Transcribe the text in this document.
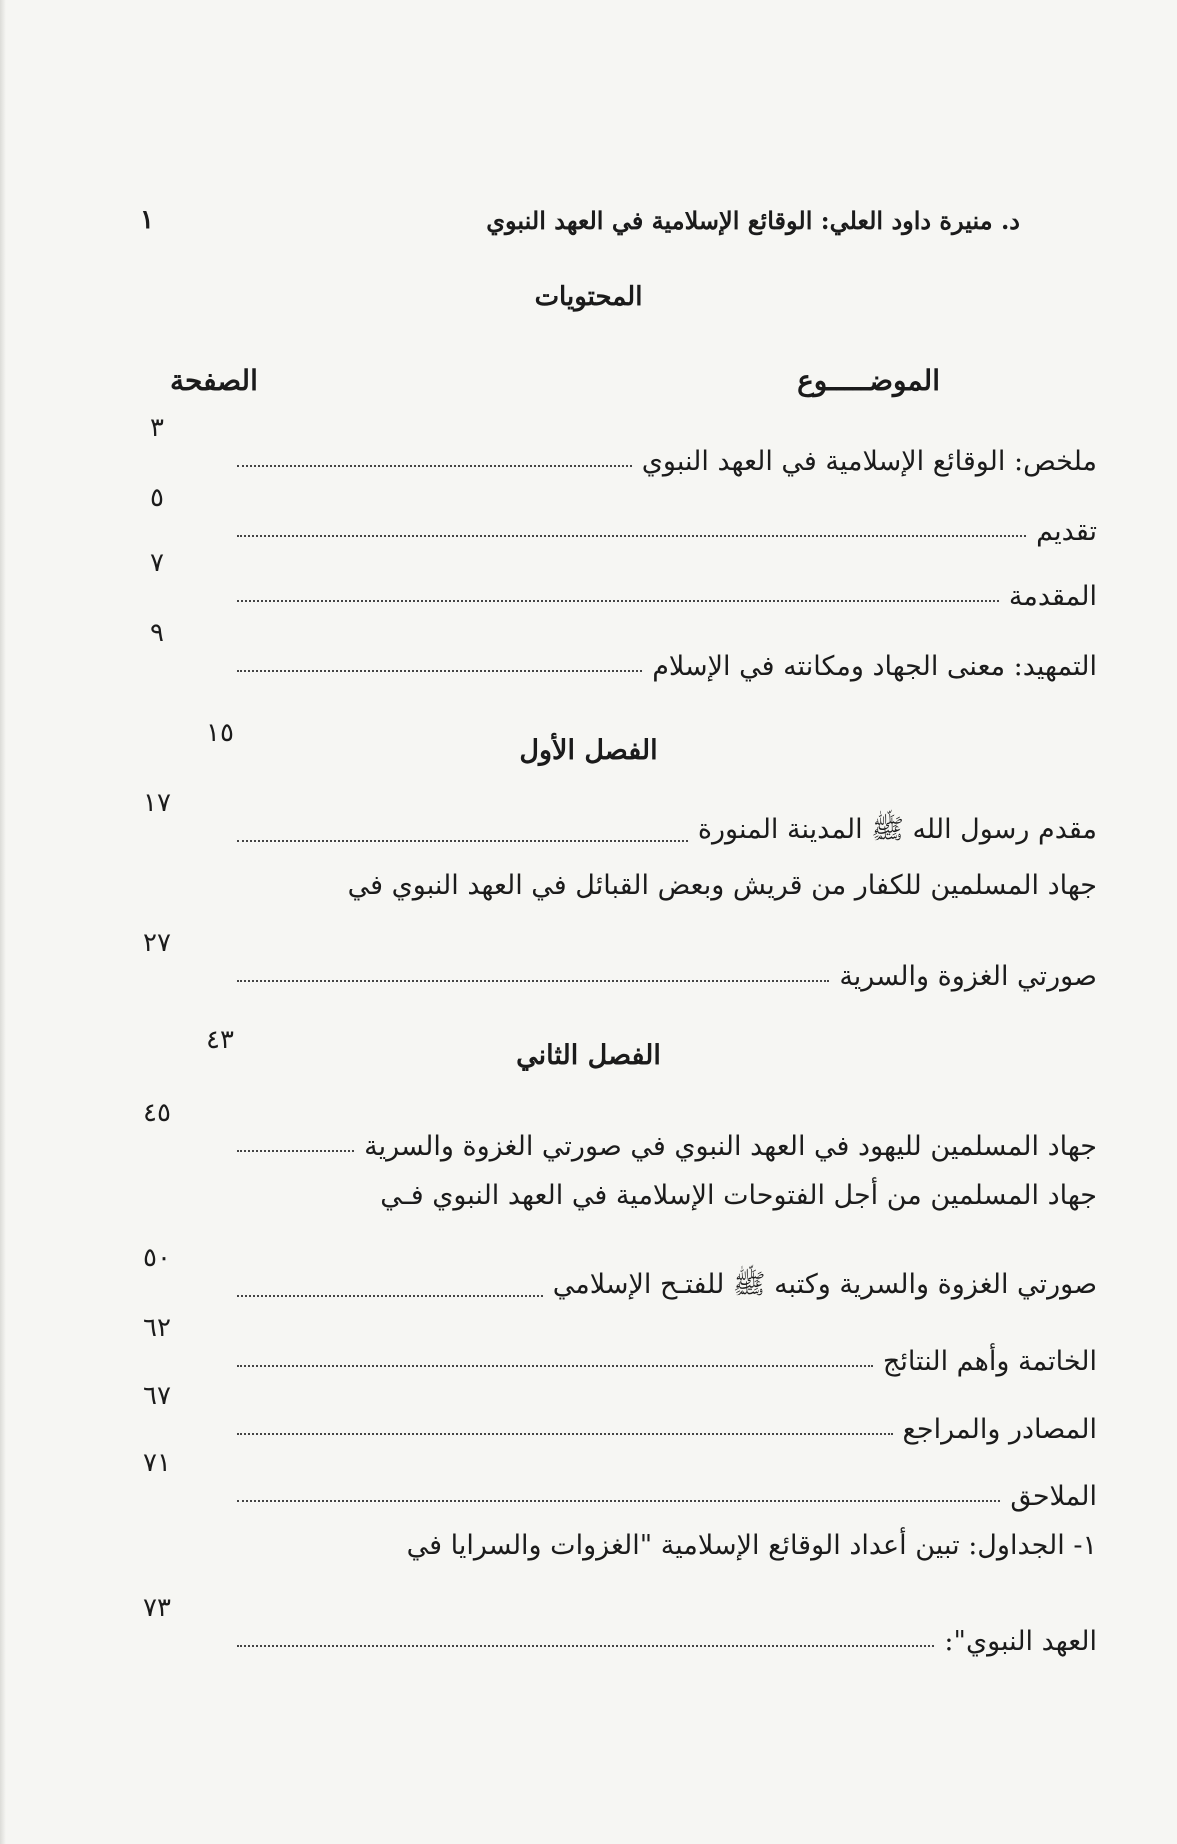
د. منيرة داود العلي: الوقائع الإسلامية في العهد النبوي
١
المحتويات
الموضـــــوع
الصفحة
ملخص: الوقائع الإسلامية في العهد النبوي
٣
تقديم
٥
المقدمة
٧
التمهيد: معنى الجهاد ومكانته في الإسلام
٩
١٥
الفصل الأول
مقدم رسول الله ﷺ المدينة المنورة
١٧
جهاد المسلمين للكفار من قريش وبعض القبائل في العهد النبوي في
صورتي الغزوة والسرية
٢٧
٤٣	الفصل الثاني
جهاد المسلمين لليهود في العهد النبوي في صورتي الغزوة والسرية
٤٥
جهاد المسلمين من أجل الفتوحات الإسلامية في العهد النبوي فـي
صورتي الغزوة والسرية وكتبه ﷺ للفتـح الإسلامي
٥٠
الخاتمة وأهم النتائج
٦٢
المصادر والمراجع
٦٧
الملاحق
٧١
١- الجداول: تبين أعداد الوقائع الإسلامية "الغزوات والسرايا في
العهد النبوي":
٧٣
